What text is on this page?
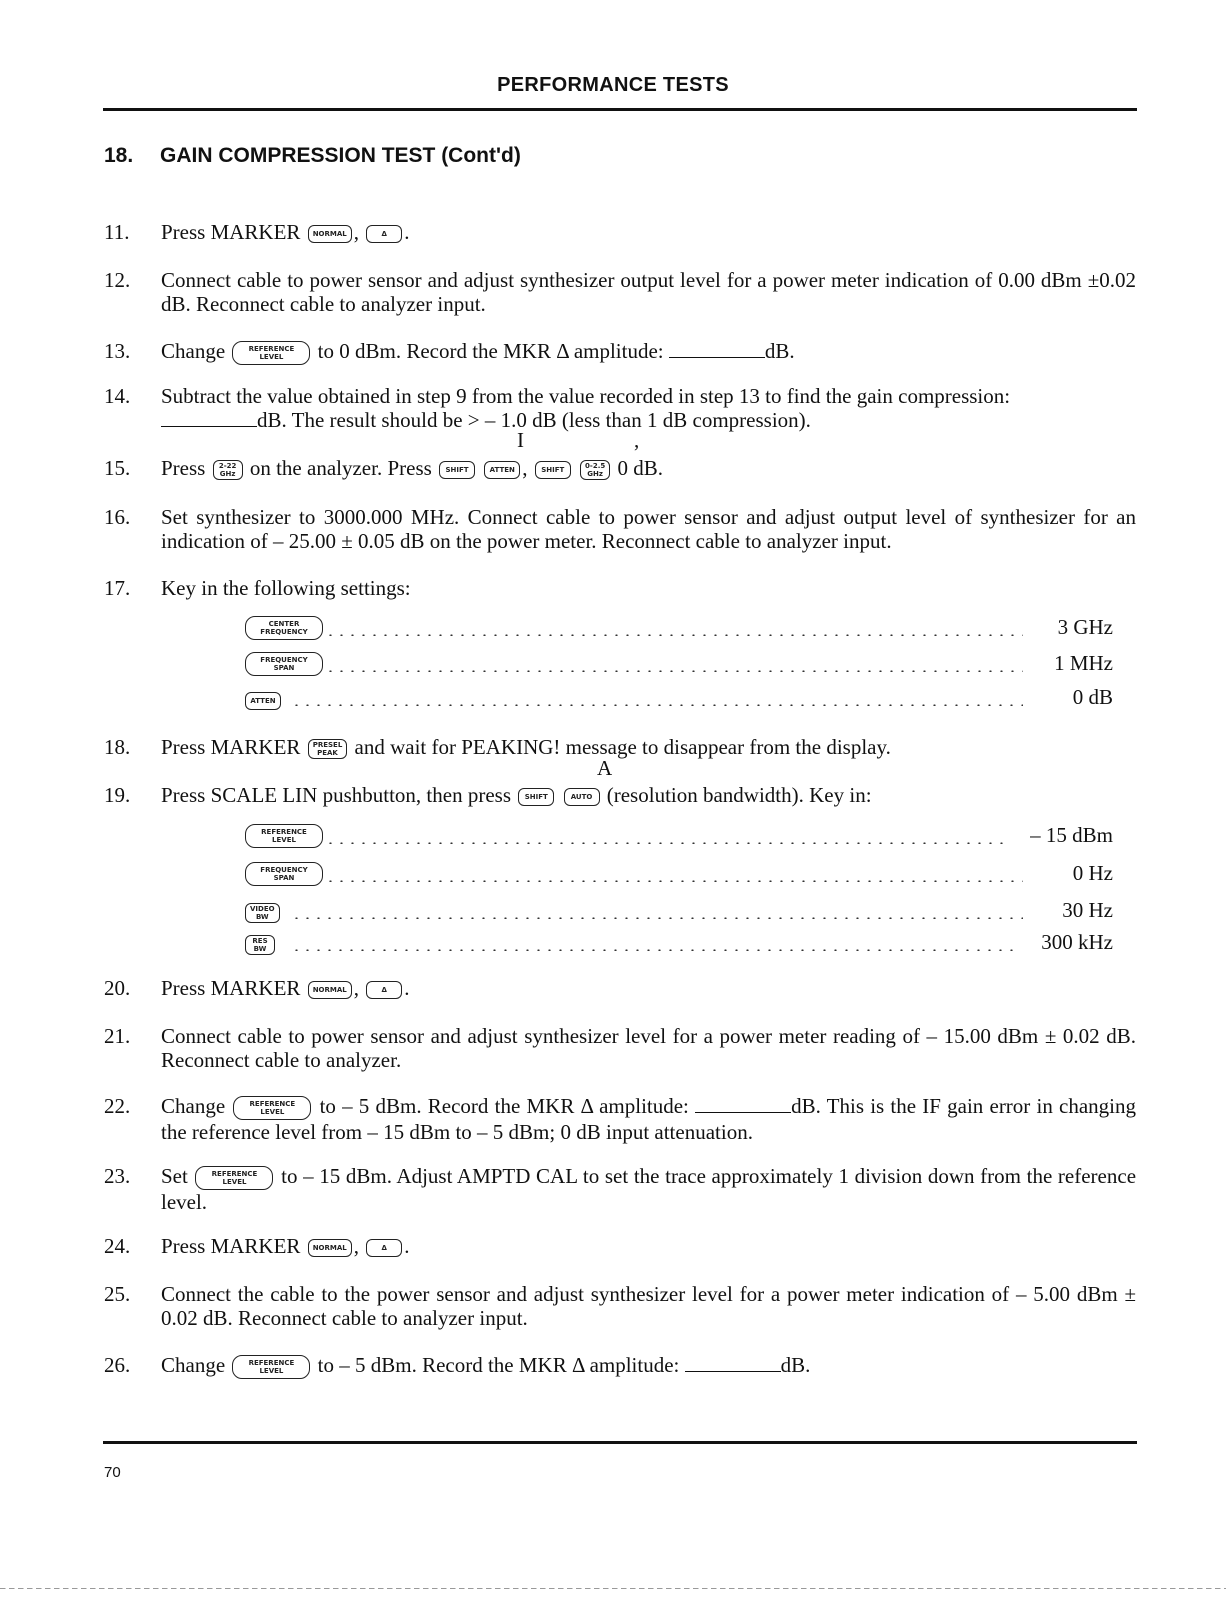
PERFORMANCE TESTS
18. GAIN COMPRESSION TEST (Cont'd)
11. Press MARKER NORMAL ,	Δ .
12. Connect cable to power sensor and adjust synthesizer output level for a power meter indication of 0.00 dBm ±0.02 dB. Reconnect cable to analyzer input.
13. Change	REFERENCE
LEVEL to 0 dBm. Record the MKR Δ amplitude:	dB.
14. Subtract the value obtained in step 9 from the value recorded in step 13 to find the gain compression:
dB. The result should be > – 1.0 dB (less than 1 dB compression).
I	,
15. Press 2-22
GHz on the analyzer. Press SHIFT	ATTEN , SHIFT	0-2.5
GHz 0 dB.
16. Set synthesizer to 3000.000 MHz. Connect cable to power sensor and adjust output level of synthesizer for an indication of – 25.00 ± 0.05 dB on the power meter. Reconnect cable to analyzer input.
17. Key in the following settings:
CENTER
FREQUENCY	3 GHz
FREQUENCY
SPAN	1 MHz
ATTEN	0 dB
18. Press MARKER PRESEL
PEAK and wait for PEAKING! message to disappear from the display.
A
19. Press SCALE LIN pushbutton, then press SHIFT	AUTO (resolution bandwidth). Key in:
REFERENCE
LEVEL	– 15 dBm
FREQUENCY
SPAN	0 Hz
VIDEO
BW	30 Hz
RES
BW	300 kHz
20. Press MARKER NORMAL ,	Δ .
21. Connect cable to power sensor and adjust synthesizer level for a power meter reading of – 15.00 dBm ± 0.02 dB. Reconnect cable to analyzer.
22. Change	REFERENCE
LEVEL to – 5 dBm. Record the MKR Δ amplitude:	dB. This is the IF gain error in changing the reference level from – 15 dBm to – 5 dBm; 0 dB input attenuation.
23. Set	REFERENCE
LEVEL to – 15 dBm. Adjust AMPTD CAL to set the trace approximately 1 division down from the reference level.
24. Press MARKER NORMAL ,	Δ .
25. Connect the cable to the power sensor and adjust synthesizer level for a power meter indication of – 5.00 dBm ± 0.02 dB. Reconnect cable to analyzer input.
26. Change	REFERENCE
LEVEL to – 5 dBm. Record the MKR Δ amplitude:	dB.
70
